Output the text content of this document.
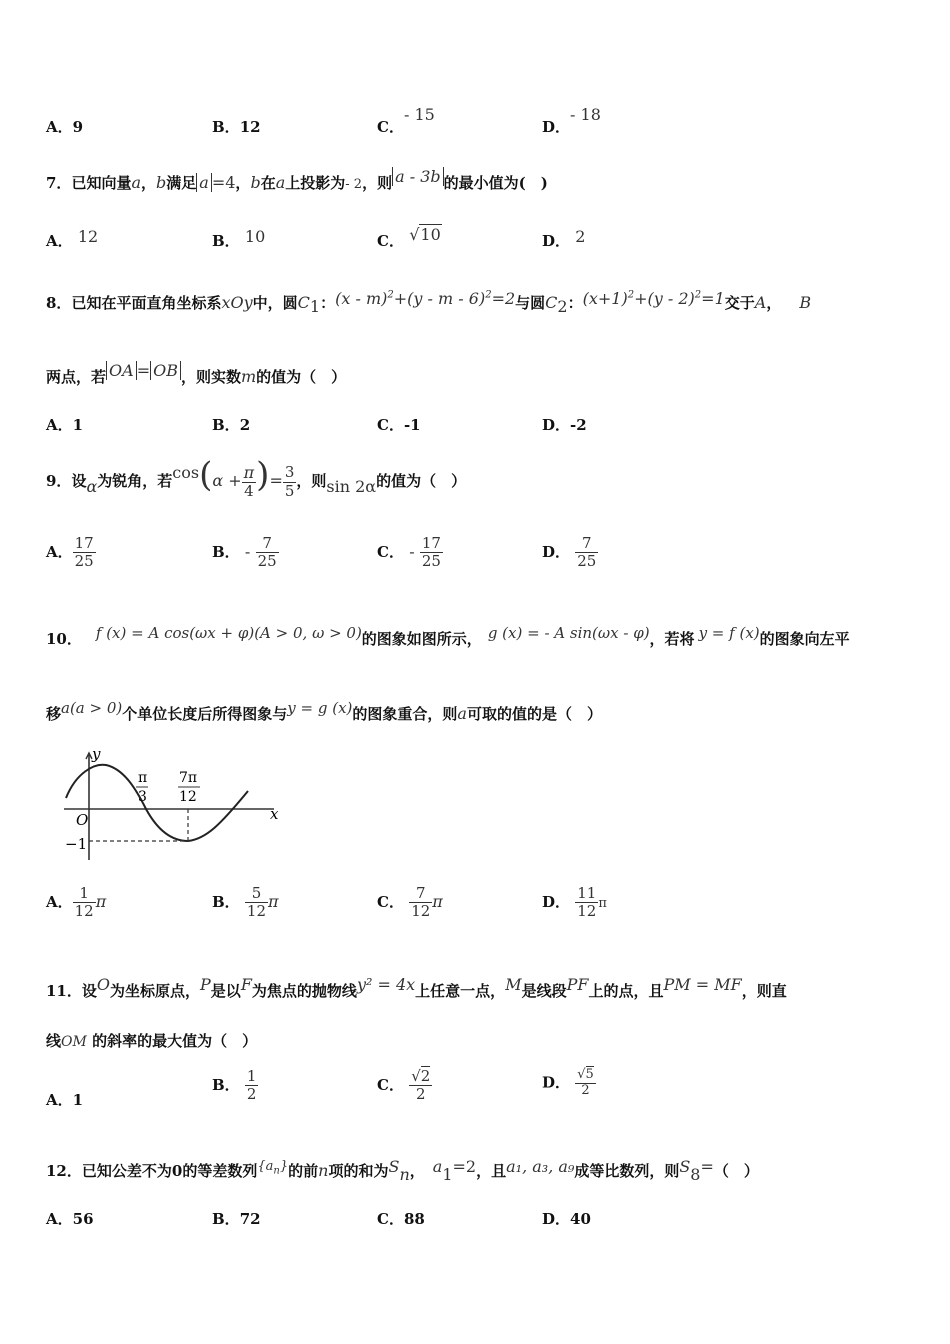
A．9	B．12	C．- 15
D．- 18
7．已知向量a，b满足 a =4，b在a上投影为- 2，则 a - 3b 的最小值为(　)
A． 12	B． 10	C． √10	D． 2
8．已知在平面直角坐标系xOy中，圆$C_1$：(x - m)$^2$+(y - m - 6)$^2$=2与圆$C_2$：$(x+1)^2+(y - 2)^2=1$交于A， B
两点，若 OA = OB ，则实数m的值为（　）
A．1	B．2	C．-1	D．-2
9．设α为锐角，若$\cos(\alpha + \frac{\pi}{4}$ )= $\frac{3}{5}$ ，则sin 2α的值为（　）
A． $\frac{17}{25}$	B． - $\frac{7}{25}$	C． - $\frac{17}{25}$	D． $\frac{7}{25}$
10． f (x) = A cos(ωx + φ)(A > 0, ω > 0)的图象如图所示， g (x) = - A sin(ωx - φ)，若将 y = f (x)的图象向左平
移a(a > 0)个单位长度后所得图象与y = g (x)的图象重合，则a可取的值的是（　）
y
x
O
−1
π
3
7π
12
A． $\frac{1}{12}$ π	B． $\frac{5}{12}$ π	C． $\frac{7}{12}$ π	D． $\frac{11}{12}$ π
11．设O为坐标原点，P是以F为焦点的抛物线y² = 4x上任意一点，M是线段PF上的点，且PM = MF，则直
线OM 的斜率的最大值为（　）
A．1
B． $\frac{1}{2}$	C． $\frac{√2}{2}$	D． $\frac{√5}{2}$
12．已知公差不为0的等差数列$\{a_n\}$的前n项的和为$S_n$， $a_1=2$，且a₁, a₃, a₉成等比数列，则$S_8=$（　）
A．56	B．72	C．88	D．40
